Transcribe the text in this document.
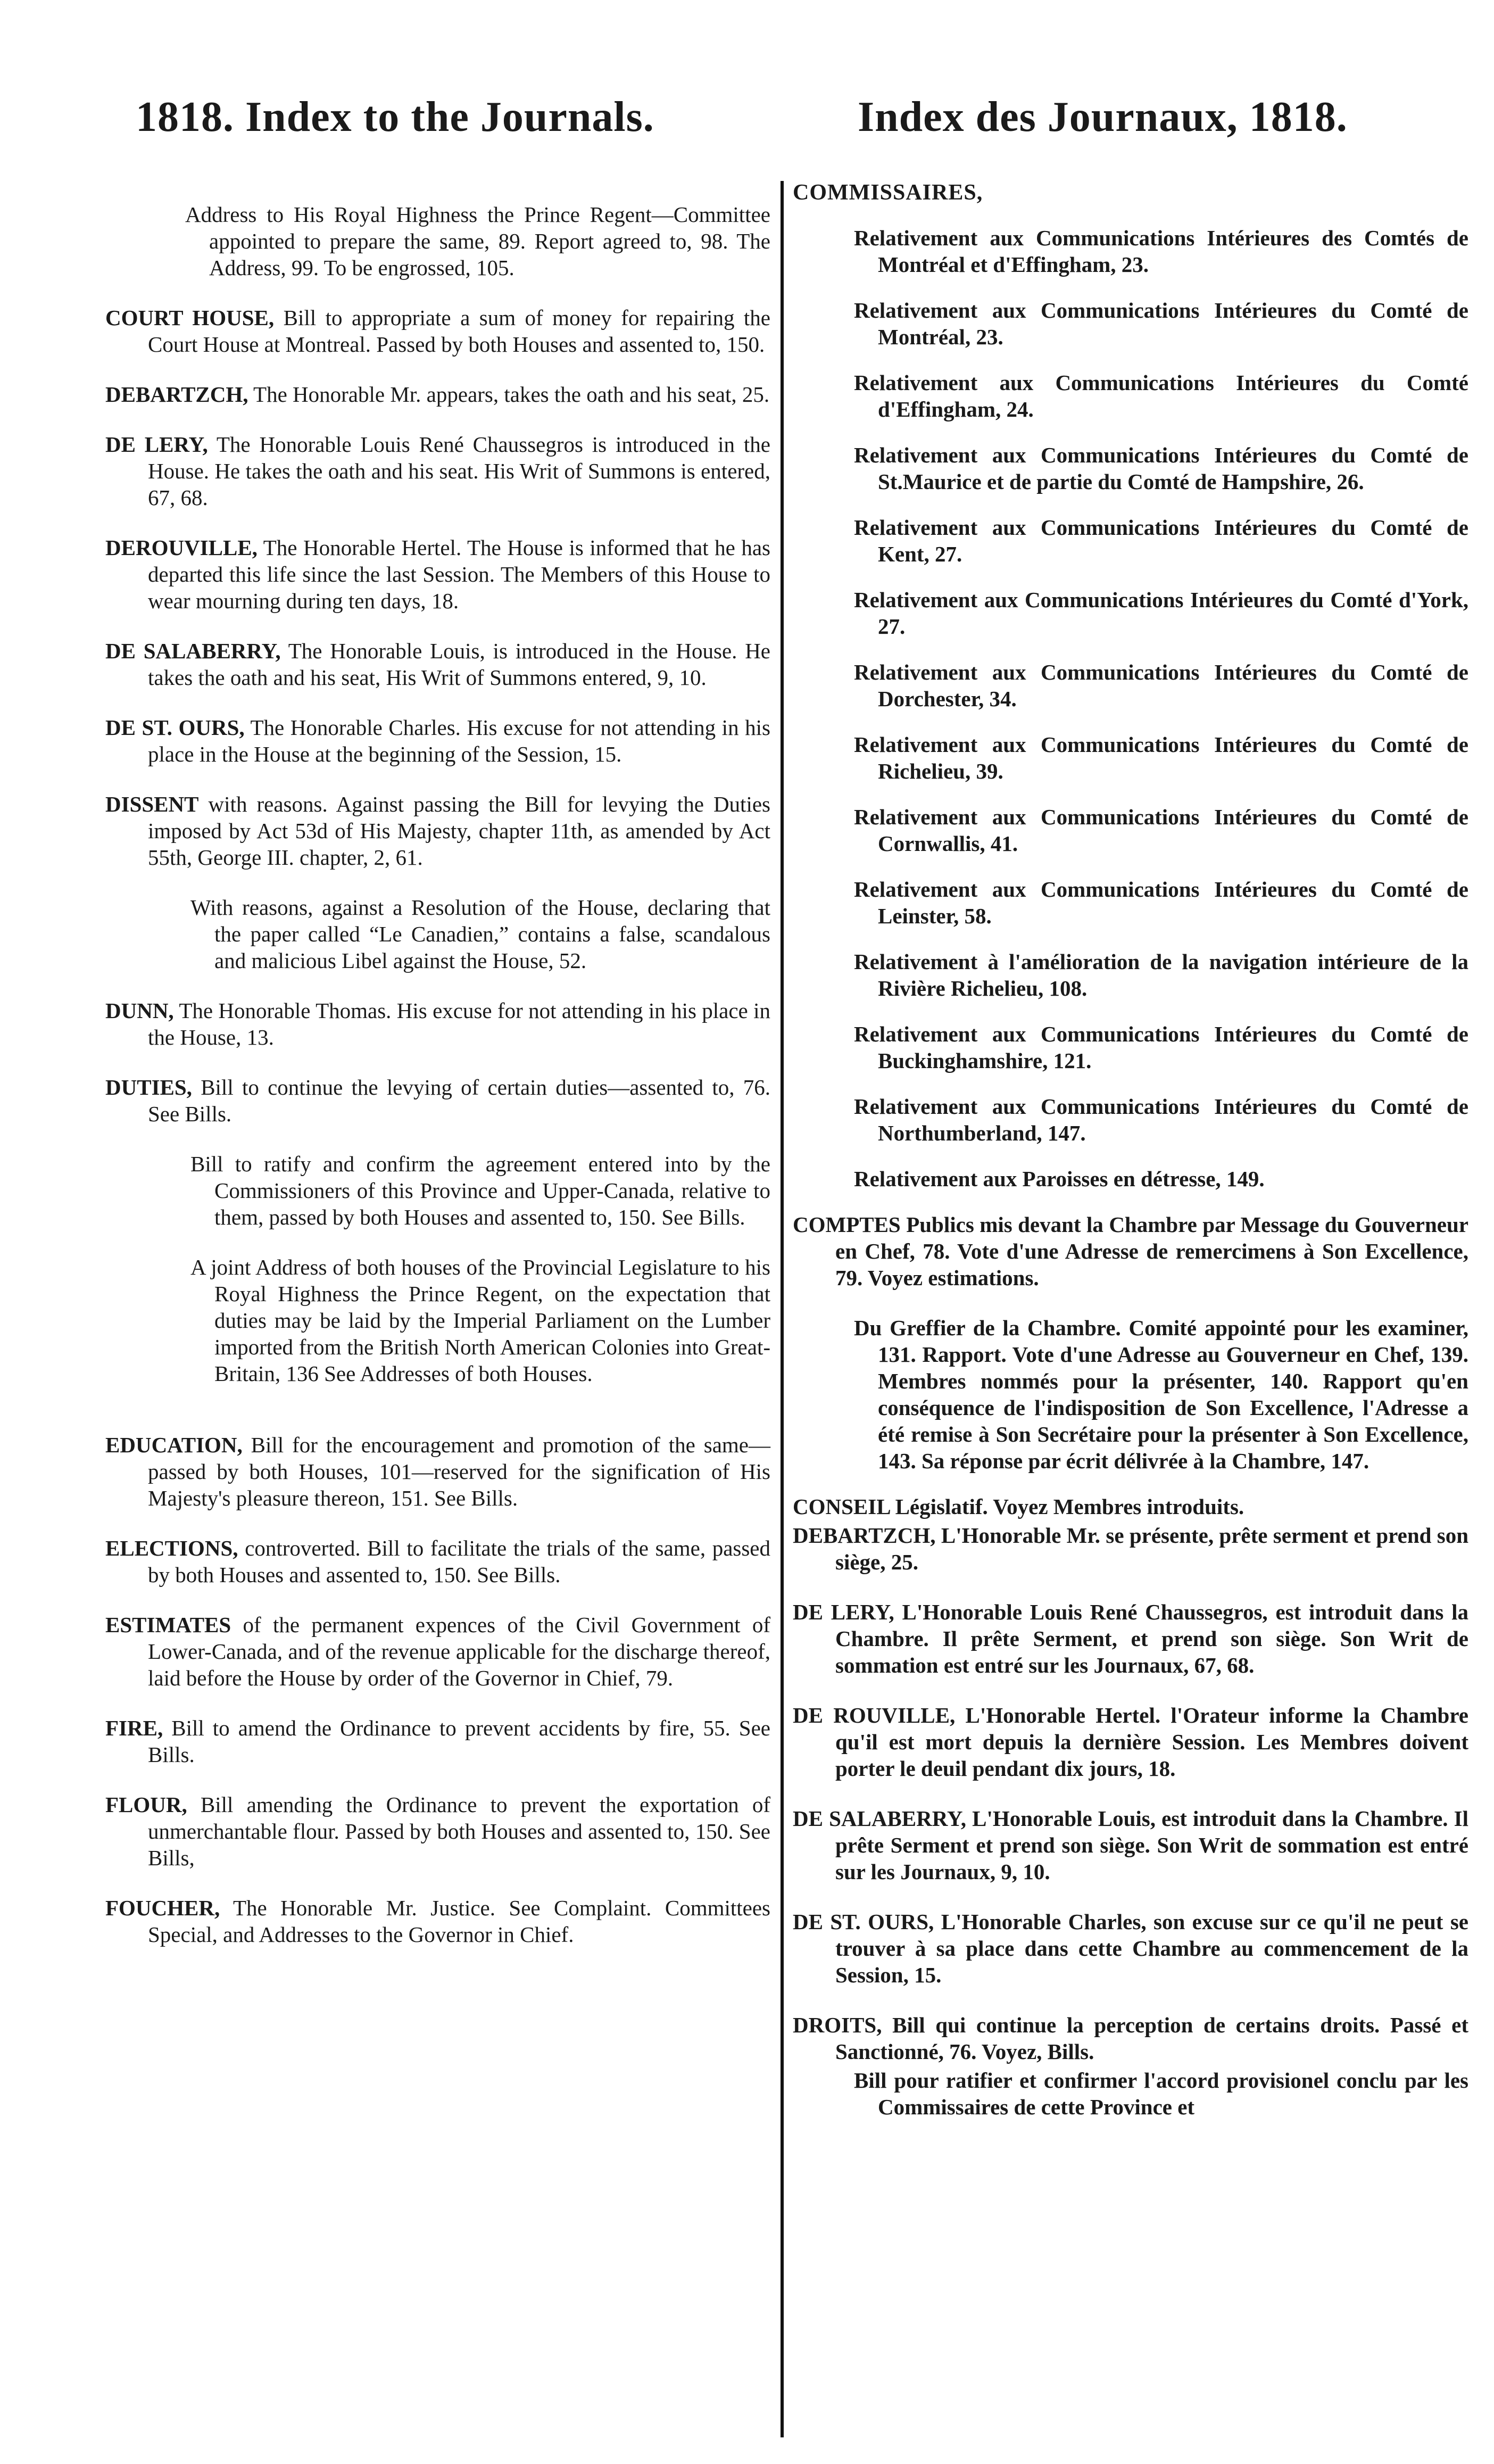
1818. Index to the Journals.	Index des Journaux, 1818.

Address to His Royal Highness the Prince Regent—Committee appointed to prepare the same, 89. Report agreed to, 98. The Address, 99. To be engrossed, 105.

COURT HOUSE, Bill to appropriate a sum of money for repairing the Court House at Montreal. Passed by both Houses and assented to, 150.

DEBARTZCH, The Honorable Mr. appears, takes the oath and his seat, 25.

DE LERY, The Honorable Louis René Chaussegros is introduced in the House. He takes the oath and his seat. His Writ of Summons is entered, 67, 68.

DEROUVILLE, The Honorable Hertel. The House is informed that he has departed this life since the last Session. The Members of this House to wear mourning during ten days, 18.

DE SALABERRY, The Honorable Louis, is introduced in the House. He takes the oath and his seat, His Writ of Summons entered, 9, 10.

DE ST. OURS, The Honorable Charles. His excuse for not attending in his place in the House at the beginning of the Session, 15.

DISSENT with reasons. Against passing the Bill for levying the Duties imposed by Act 53d of His Majesty, chapter 11th, as amended by Act 55th, George III. chapter, 2, 61.

With reasons, against a Resolution of the House, declaring that the paper called “Le Canadien,” contains a false, scandalous and malicious Libel against the House, 52.

DUNN, The Honorable Thomas. His excuse for not attending in his place in the House, 13.

DUTIES, Bill to continue the levying of certain duties—assented to, 76. See Bills.

Bill to ratify and confirm the agreement entered into by the Commissioners of this Province and Upper-Canada, relative to them, passed by both Houses and assented to, 150. See Bills.

A joint Address of both houses of the Provincial Legislature to his Royal Highness the Prince Regent, on the expectation that duties may be laid by the Imperial Parliament on the Lumber imported from the British North American Colonies into Great-Britain, 136 See Addresses of both Houses.

EDUCATION, Bill for the encouragement and promotion of the same—passed by both Houses, 101—reserved for the signification of His Majesty's pleasure thereon, 151. See Bills.

ELECTIONS, controverted. Bill to facilitate the trials of the same, passed by both Houses and assented to, 150. See Bills.

ESTIMATES of the permanent expences of the Civil Government of Lower-Canada, and of the revenue applicable for the discharge thereof, laid before the House by order of the Governor in Chief, 79.

FIRE, Bill to amend the Ordinance to prevent accidents by fire, 55. See Bills.

FLOUR, Bill amending the Ordinance to prevent the exportation of unmerchantable flour. Passed by both Houses and assented to, 150. See Bills,

FOUCHER, The Honorable Mr. Justice. See Complaint. Committees Special, and Addresses to the Governor in Chief.

COMMISSAIRES,

Relativement aux Communications Intérieures des Comtés de Montréal et d'Effingham, 23.

Relativement aux Communications Intérieures du Comté de Montréal, 23.

Relativement aux Communications Intérieures du Comté d'Effingham, 24.

Relativement aux Communications Intérieures du Comté de St.Maurice et de partie du Comté de Hampshire, 26.

Relativement aux Communications Intérieures du Comté de Kent, 27.

Relativement aux Communications Intérieures du Comté d'York, 27.

Relativement aux Communications Intérieures du Comté de Dorchester, 34.

Relativement aux Communications Intérieures du Comté de Richelieu, 39.

Relativement aux Communications Intérieures du Comté de Cornwallis, 41.

Relativement aux Communications Intérieures du Comté de Leinster, 58.

Relativement à l'amélioration de la navigation intérieure de la Rivière Richelieu, 108.

Relativement aux Communications Intérieures du Comté de Buckinghamshire, 121.

Relativement aux Communications Intérieures du Comté de Northumberland, 147.

Relativement aux Paroisses en détresse, 149.

COMPTES Publics mis devant la Chambre par Message du Gouverneur en Chef, 78. Vote d'une Adresse de remercimens à Son Excellence, 79. Voyez estimations.

Du Greffier de la Chambre. Comité appointé pour les examiner, 131. Rapport. Vote d'une Adresse au Gouverneur en Chef, 139. Membres nommés pour la présenter, 140. Rapport qu'en conséquence de l'indisposition de Son Excellence, l'Adresse a été remise à Son Secrétaire pour la présenter à Son Excellence, 143. Sa réponse par écrit délivrée à la Chambre, 147.

CONSEIL Législatif. Voyez Membres introduits.

DEBARTZCH, L'Honorable Mr. se présente, prête serment et prend son siège, 25.

DE LERY, L'Honorable Louis René Chaussegros, est introduit dans la Chambre. Il prête Serment, et prend son siège. Son Writ de sommation est entré sur les Journaux, 67, 68.

DE ROUVILLE, L'Honorable Hertel. l'Orateur informe la Chambre qu'il est mort depuis la dernière Session. Les Membres doivent porter le deuil pendant dix jours, 18.

DE SALABERRY, L'Honorable Louis, est introduit dans la Chambre. Il prête Serment et prend son siège. Son Writ de sommation est entré sur les Journaux, 9, 10.

DE ST. OURS, L'Honorable Charles, son excuse sur ce qu'il ne peut se trouver à sa place dans cette Chambre au commencement de la Session, 15.

DROITS, Bill qui continue la perception de certains droits. Passé et Sanctionné, 76. Voyez, Bills.

Bill pour ratifier et confirmer l'accord provisionel conclu par les Commissaires de cette Province et
